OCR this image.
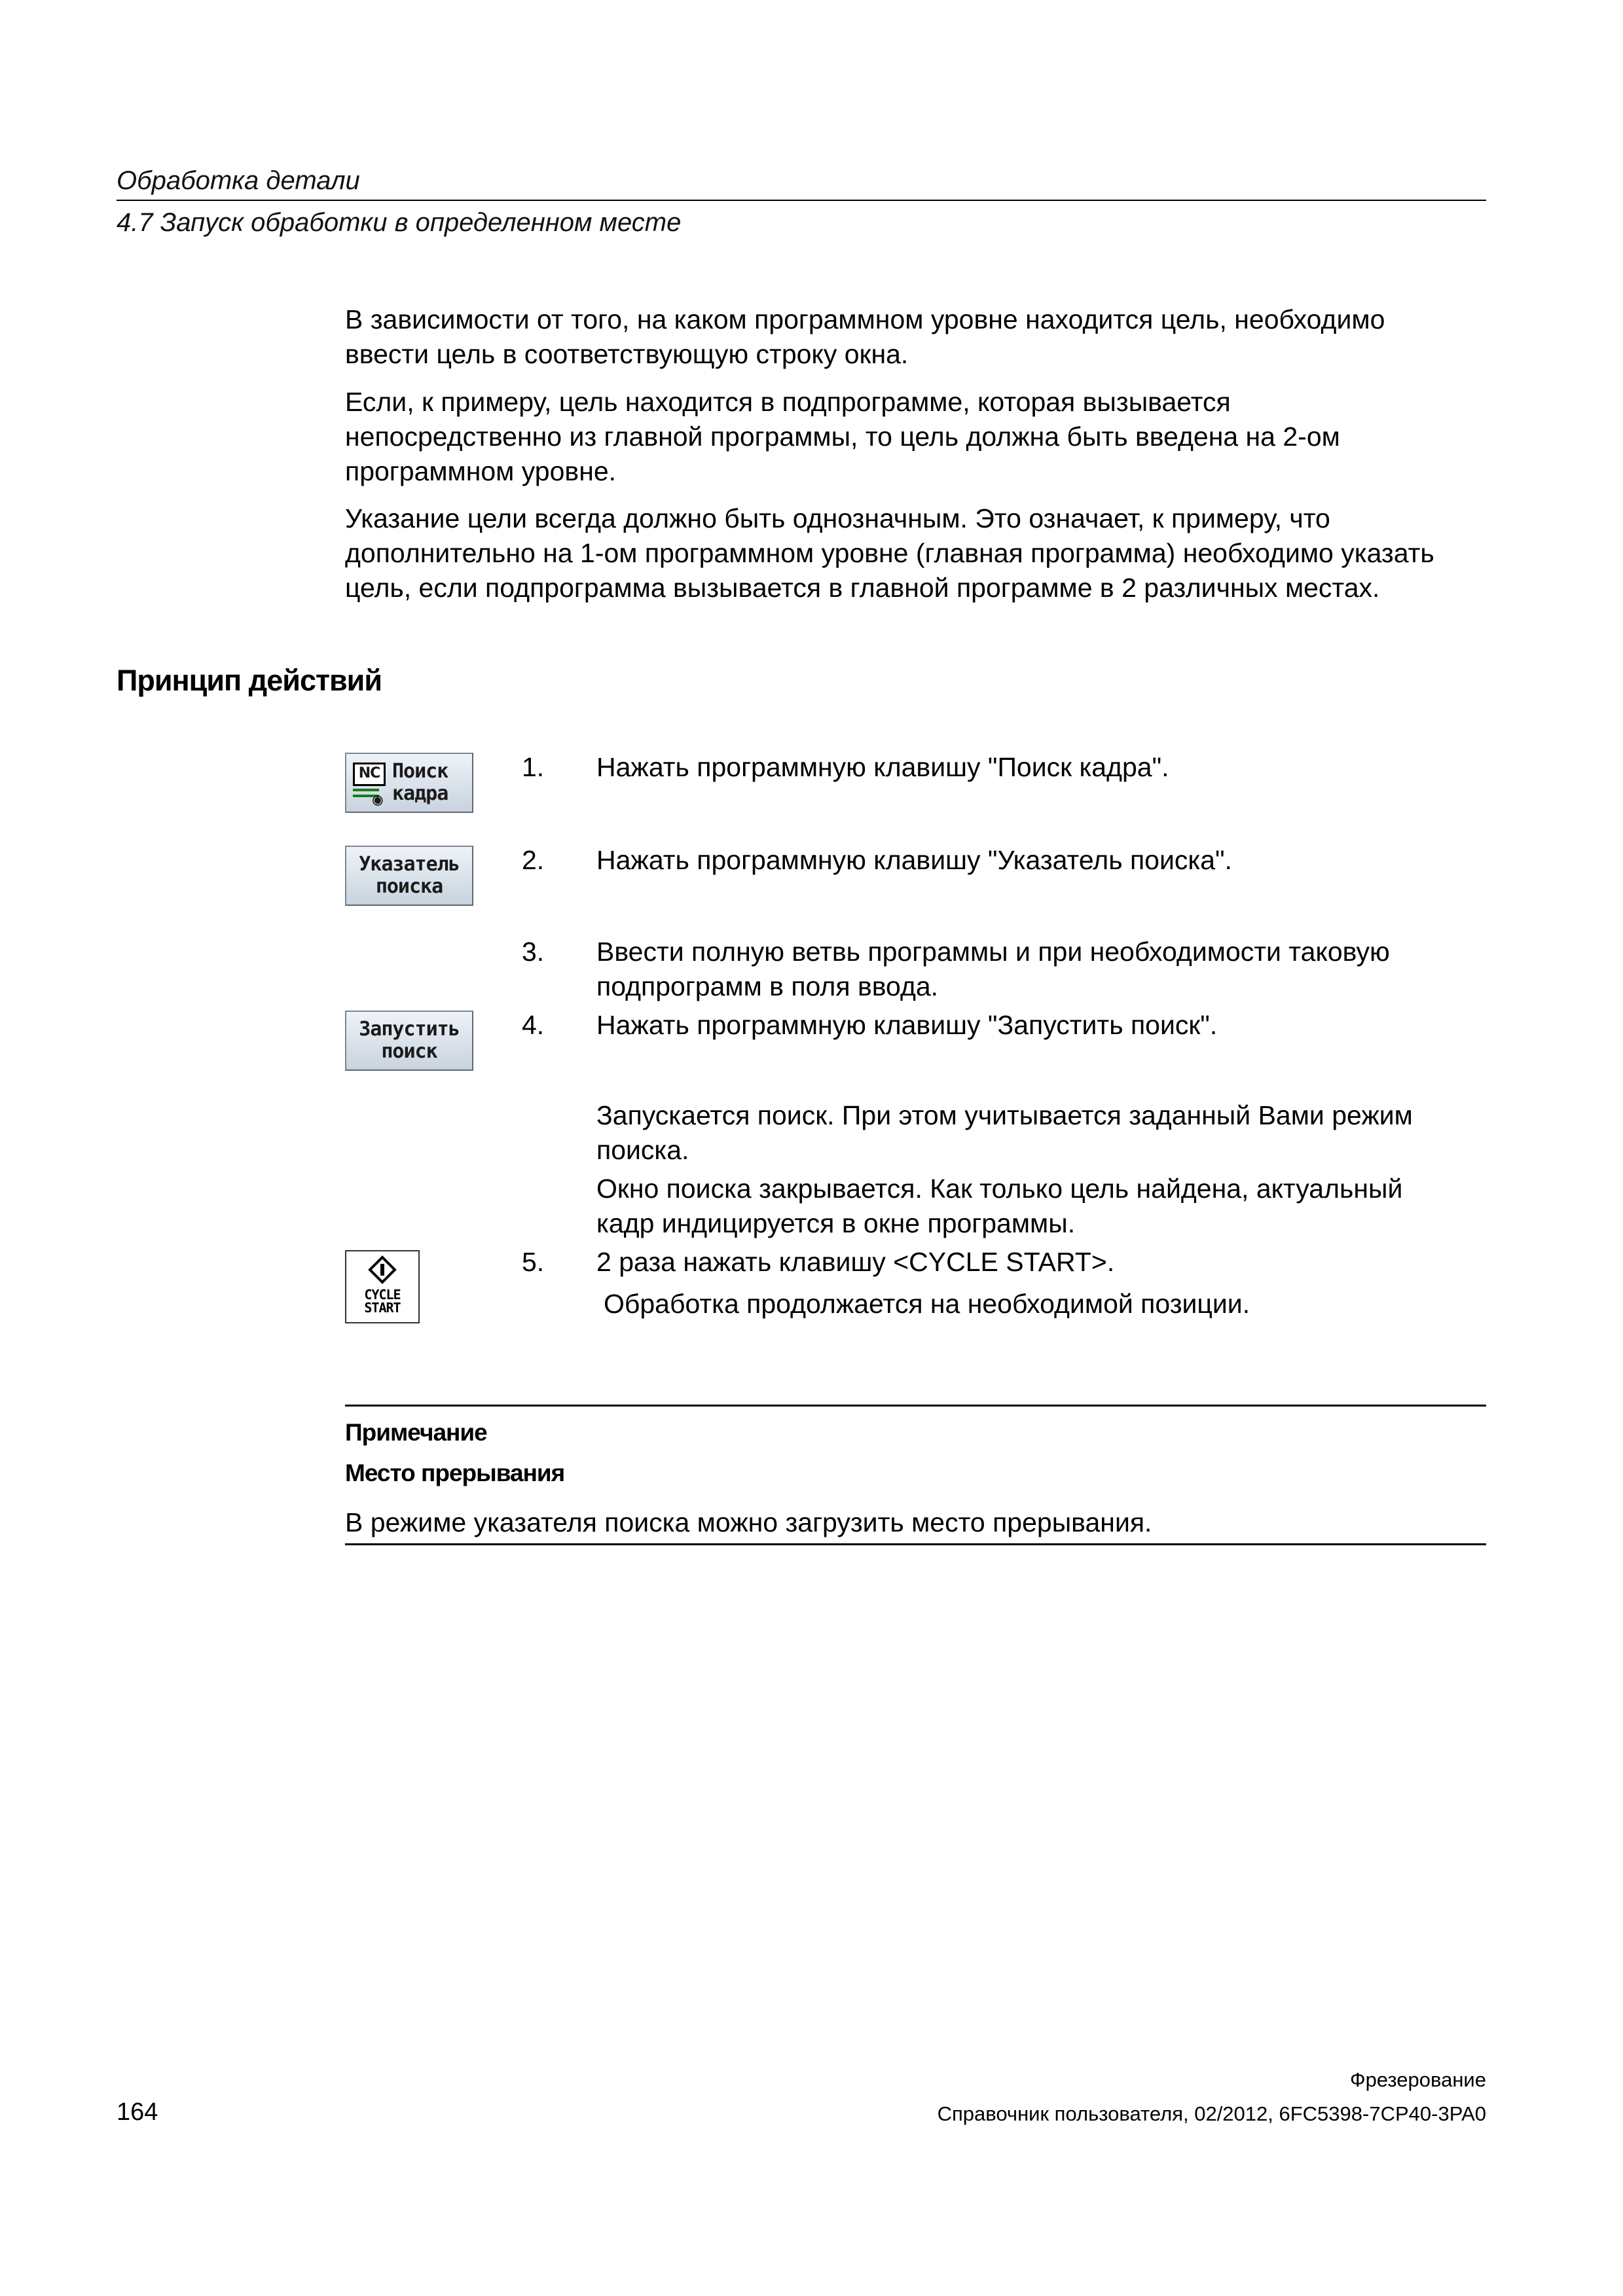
Обработка детали
4.7 Запуск обработки в определенном месте
В зависимости от того, на каком программном уровне находится цель, необходимо
ввести цель в соответствующую строку окна.
Если, к примеру, цель находится в подпрограмме, которая вызывается
непосредственно из главной программы, то цель должна быть введена на 2-ом
программном уровне.
Указание цели всегда должно быть однозначным. Это означает, к примеру, что
дополнительно на 1-ом программном уровне (главная программа) необходимо указать
цель, если подпрограмма вызывается в главной программе в 2 различных местах.
Принцип действий
NC
◉
Поиск
кадра
Указатель
поиска
Запустить
поиск
CYCLE
START
1. Нажать программную клавишу "Поиск кадра".
2. Нажать программную клавишу "Указатель поиска".
3. Ввести полную ветвь программы и при необходимости таковую
подпрограмм в поля ввода.
4. Нажать программную клавишу "Запустить поиск".
Запускается поиск. При этом учитывается заданный Вами режим
поиска.
Окно поиска закрывается. Как только цель найдена, актуальный
кадр индицируется в окне программы.
5. 2 раза нажать клавишу <CYCLE START>.
Обработка продолжается на необходимой позиции.
Примечание
Место прерывания
В режиме указателя поиска можно загрузить место прерывания.
Фрезерование
164	Справочник пользователя, 02/2012, 6FC5398-7CP40-3PA0
